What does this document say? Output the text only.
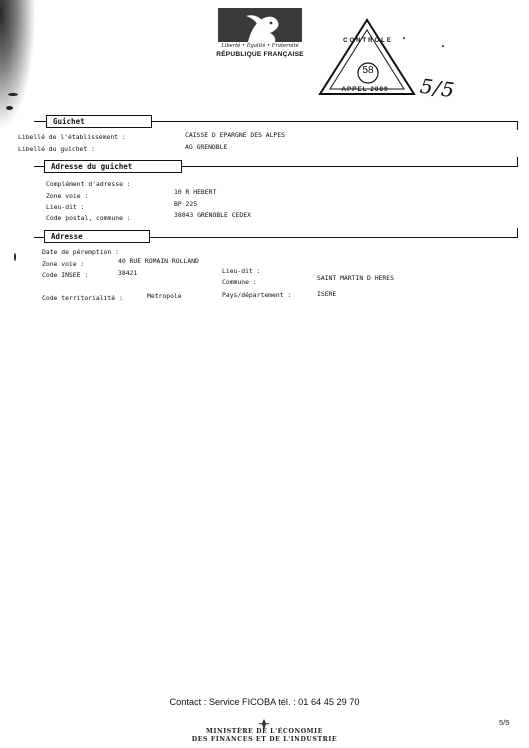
Liberté • Égalité • Fraternité
RÉPUBLIQUE FRANÇAISE
58
CONTROLE
APPEL 2009	5/5
Guichet
Libellé de l'établissement :	CAISSE D EPARGNE DES ALPES
Libellé du guichet :	AG GRENOBLE
Adresse du guichet
Complément d'adresse :
Zone voie :	10 R HEBERT
Lieu-dit :	BP 225
Code postal, commune :	38043 GRENOBLE CEDEX
Adresse
Date de péremption :
Zone voie :	40 RUE ROMAIN ROLLAND
Code INSEE :	38421	Lieu-dit :
Commune :	SAINT MARTIN D HERES
Code territorialité :	Metropole	Pays/département :	ISERE
Contact : Service FICOBA tél. : 01 64 45 29 70
MINISTÈRE DE L'ÉCONOMIE
DES FINANCES ET DE L'INDUSTRIE
5/5
